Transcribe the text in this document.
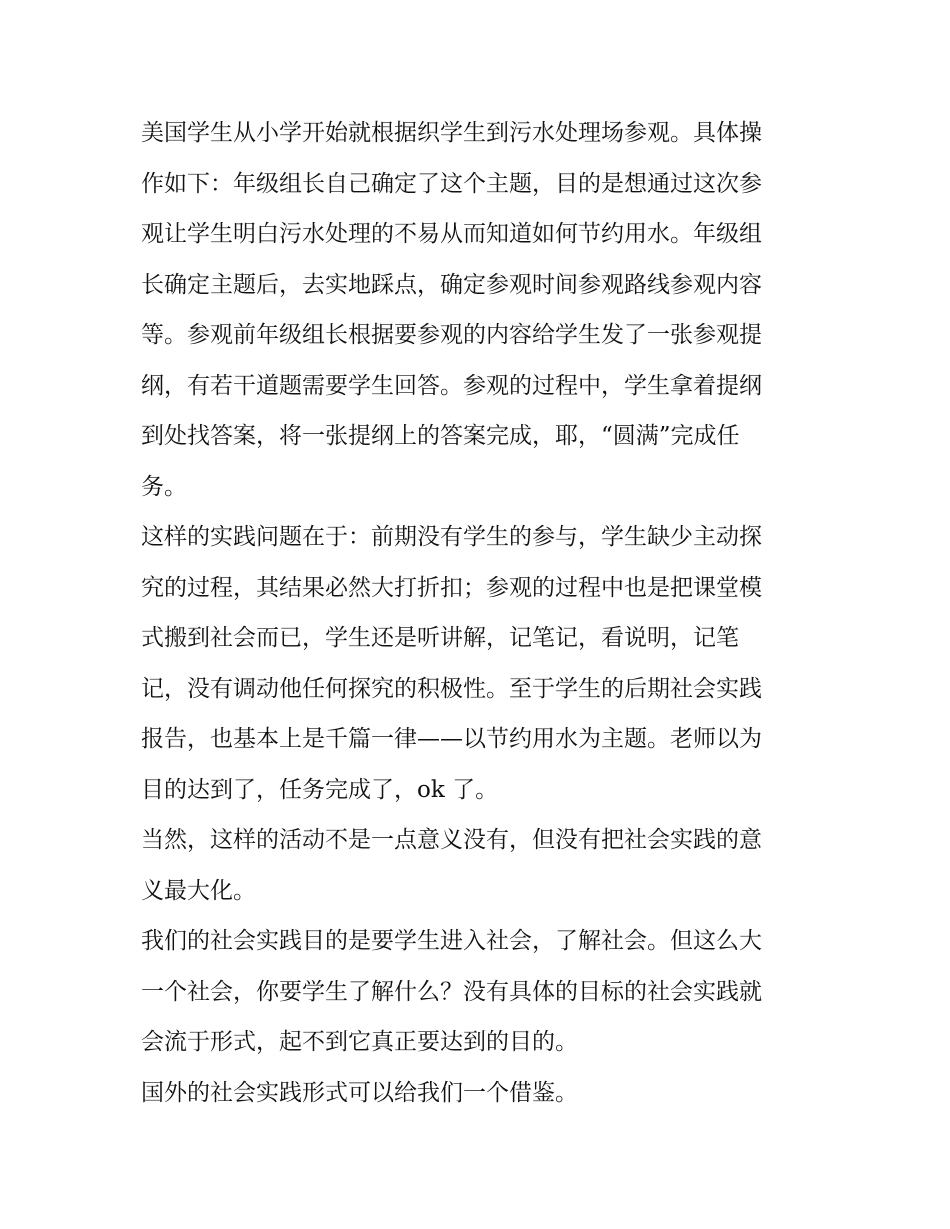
美国学生从小学开始就根据织学生到污水处理场参观。具体操
作如下：年级组长自己确定了这个主题，目的是想通过这次参
观让学生明白污水处理的不易从而知道如何节约用水。年级组
长确定主题后，去实地踩点，确定参观时间参观路线参观内容
等。参观前年级组长根据要参观的内容给学生发了一张参观提
纲，有若干道题需要学生回答。参观的过程中，学生拿着提纲
到处找答案，将一张提纲上的答案完成，耶，“圆满”完成任
务。
这样的实践问题在于：前期没有学生的参与，学生缺少主动探
究的过程，其结果必然大打折扣；参观的过程中也是把课堂模
式搬到社会而已，学生还是听讲解，记笔记，看说明，记笔
记，没有调动他任何探究的积极性。至于学生的后期社会实践
报告，也基本上是千篇一律——以节约用水为主题。老师以为
目的达到了，任务完成了，ok 了。
当然，这样的活动不是一点意义没有，但没有把社会实践的意
义最大化。
我们的社会实践目的是要学生进入社会，了解社会。但这么大
一个社会，你要学生了解什么？没有具体的目标的社会实践就
会流于形式，起不到它真正要达到的目的。
国外的社会实践形式可以给我们一个借鉴。
